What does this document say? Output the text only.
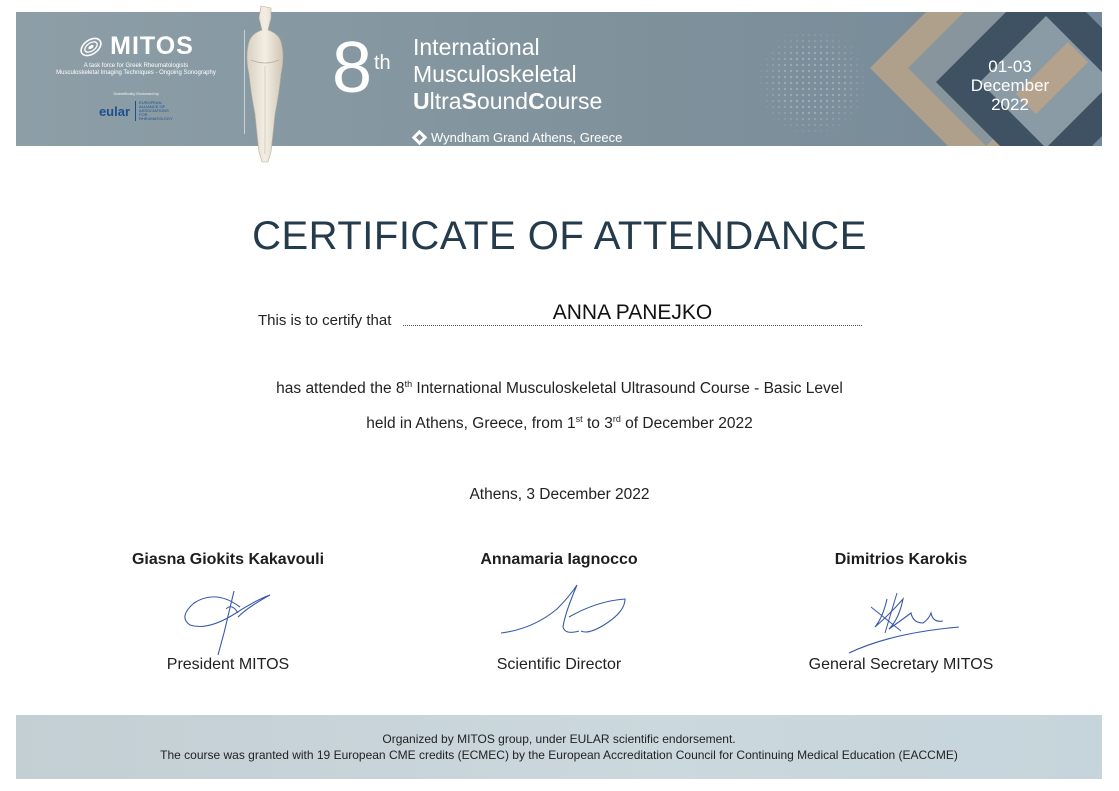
MITOS
A task force for Greek Rheumatologists
Musculoskeletal Imaging Techniques - Ongoing Sonography
Scientifically Endorsed by
eular
EUROPEAN ALLIANCE OF ASSOCIATIONS FOR RHEUMATOLOGY
8 th
International
Musculoskeletal
UltraSoundCourse
Wyndham Grand Athens, Greece
01-03
December
2022
CERTIFICATE OF ATTENDANCE
This is to certify that	ANNA PANEJKO
has attended the 8th International Musculoskeletal Ultrasound Course - Basic Level
held in Athens, Greece, from 1st to 3rd of December 2022
Athens, 3 December 2022
Giasna Giokits Kakavouli
President MITOS
Annamaria Iagnocco
Scientific Director
Dimitrios Karokis
General Secretary MITOS
Organized by MITOS group, under EULAR scientific endorsement.
The course was granted with 19 European CME credits (ECMEC) by the European Accreditation Council for Continuing Medical Education (EACCME)
